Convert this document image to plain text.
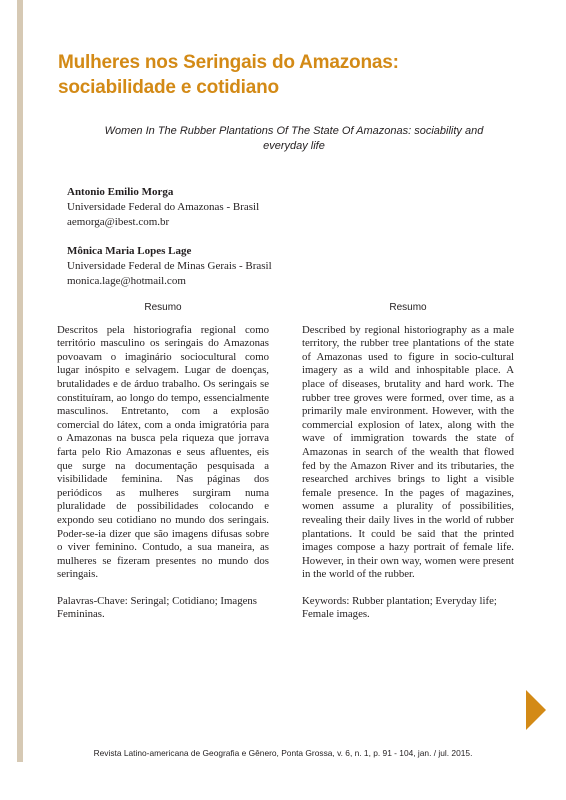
Mulheres nos Seringais do Amazonas:
sociabilidade e cotidiano
Women In The Rubber Plantations Of The State Of Amazonas: sociability and
everyday life
Antonio Emilio Morga
Universidade Federal do Amazonas - Brasil
aemorga@ibest.com.br
Mônica Maria Lopes Lage
Universidade Federal de Minas Gerais - Brasil
monica.lage@hotmail.com
Resumo

Descritos pela historiografia regional como território masculino os seringais do Amazonas povoavam o imaginário sociocultural como lugar inóspito e selvagem. Lugar de doenças, brutalidades e de árduo trabalho. Os seringais se constituíram, ao longo do tempo, essencialmente masculinos. Entretanto, com a explosão comercial do látex, com a onda imigratória para o Amazonas na busca pela riqueza que jorrava farta pelo Rio Amazonas e seus afluentes, eis que surge na documentação pesquisada a visibilidade feminina. Nas páginas dos periódicos as mulheres surgiram numa pluralidade de possibilidades colocando e expondo seu cotidiano no mundo dos seringais. Poder-se-ia dizer que são imagens difusas sobre o viver feminino. Contudo, a sua maneira, as mulheres se fizeram presentes no mundo dos seringais.

Palavras-Chave: Seringal; Cotidiano; Imagens Femininas.

Resumo

Described by regional historiography as a male territory, the rubber tree plantations of the state of Amazonas used to figure in socio-cultural imagery as a wild and inhospitable place. A place of diseases, brutality and hard work. The rubber tree groves were formed, over time, as a primarily male environment. However, with the commercial explosion of latex, along with the wave of immigration towards the state of Amazonas in search of the wealth that flowed fed by the Amazon River and its tributaries, the researched archives brings to light a visible female presence. In the pages of magazines, women assume a plurality of possibilities, revealing their daily lives in the world of rubber plantations. It could be said that the printed images compose a hazy portrait of female life. However, in their own way, women were present in the world of the rubber.

Keywords: Rubber plantation; Everyday life; Female images.

Revista Latino-americana de Geografia e Gênero, Ponta Grossa, v. 6, n. 1, p. 91 - 104, jan. / jul. 2015.
